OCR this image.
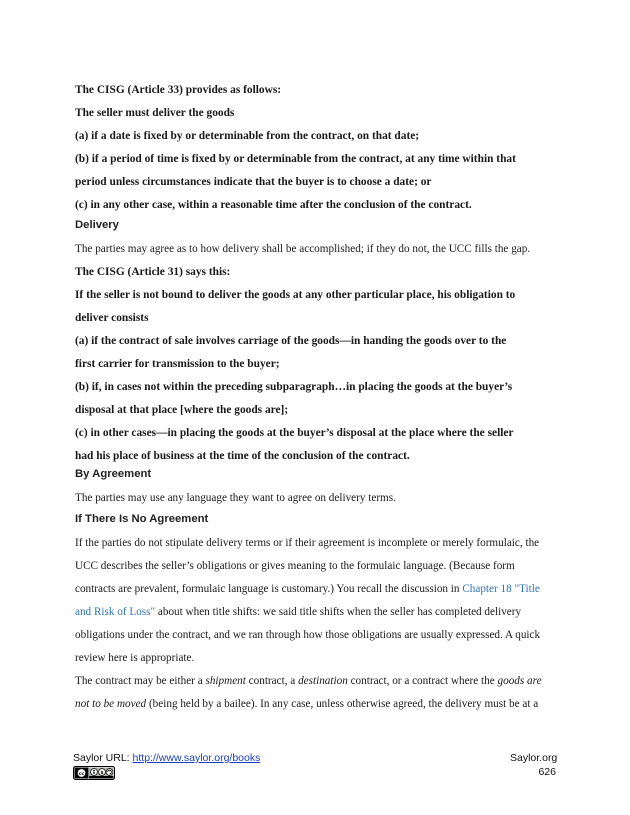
The CISG (Article 33) provides as follows:
The seller must deliver the goods
(a) if a date is fixed by or determinable from the contract, on that date;
(b) if a period of time is fixed by or determinable from the contract, at any time within that
period unless circumstances indicate that the buyer is to choose a date; or
(c) in any other case, within a reasonable time after the conclusion of the contract.
Delivery
The parties may agree as to how delivery shall be accomplished; if they do not, the UCC fills the gap.
The CISG (Article 31) says this:
If the seller is not bound to deliver the goods at any other particular place, his obligation to
deliver consists
(a) if the contract of sale involves carriage of the goods—in handing the goods over to the
first carrier for transmission to the buyer;
(b) if, in cases not within the preceding subparagraph…in placing the goods at the buyer’s
disposal at that place [where the goods are];
(c) in other cases—in placing the goods at the buyer’s disposal at the place where the seller
had his place of business at the time of the conclusion of the contract.
By Agreement
The parties may use any language they want to agree on delivery terms.
If There Is No Agreement
If the parties do not stipulate delivery terms or if their agreement is incomplete or merely formulaic, the
UCC describes the seller’s obligations or gives meaning to the formulaic language. (Because form
contracts are prevalent, formulaic language is customary.) You recall the discussion in Chapter 18 "Title
and Risk of Loss" about when title shifts: we said title shifts when the seller has completed delivery
obligations under the contract, and we ran through how those obligations are usually expressed. A quick
review here is appropriate.
The contract may be either a shipment contract, a destination contract, or a contract where the goods are
not to be moved (being held by a bailee). In any case, unless otherwise agreed, the delivery must be at a
Saylor URL: http://www.saylor.org/books	Saylor.org
626
cc	$
